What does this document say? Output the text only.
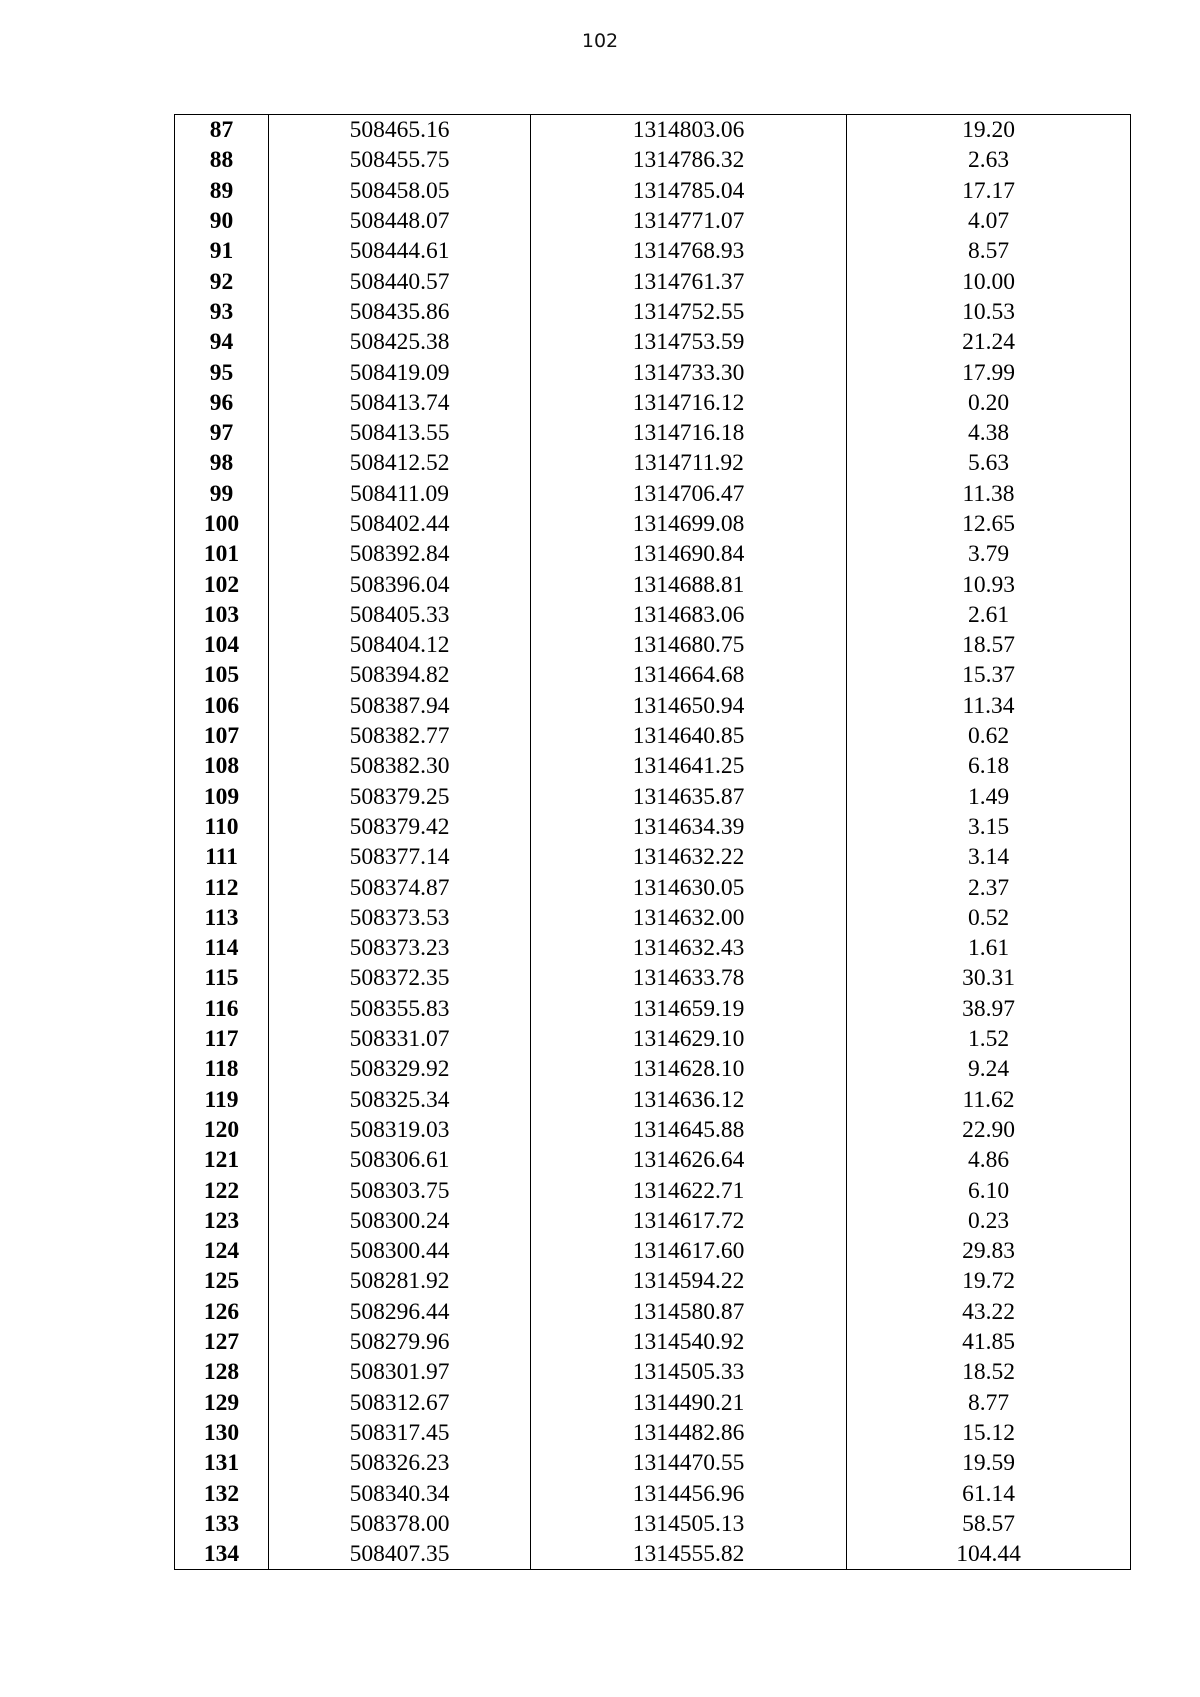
102
87	508465.16	1314803.06	19.20
88	508455.75	1314786.32	2.63
89	508458.05	1314785.04	17.17
90	508448.07	1314771.07	4.07
91	508444.61	1314768.93	8.57
92	508440.57	1314761.37	10.00
93	508435.86	1314752.55	10.53
94	508425.38	1314753.59	21.24
95	508419.09	1314733.30	17.99
96	508413.74	1314716.12	0.20
97	508413.55	1314716.18	4.38
98	508412.52	1314711.92	5.63
99	508411.09	1314706.47	11.38
100	508402.44	1314699.08	12.65
101	508392.84	1314690.84	3.79
102	508396.04	1314688.81	10.93
103	508405.33	1314683.06	2.61
104	508404.12	1314680.75	18.57
105	508394.82	1314664.68	15.37
106	508387.94	1314650.94	11.34
107	508382.77	1314640.85	0.62
108	508382.30	1314641.25	6.18
109	508379.25	1314635.87	1.49
110	508379.42	1314634.39	3.15
111	508377.14	1314632.22	3.14
112	508374.87	1314630.05	2.37
113	508373.53	1314632.00	0.52
114	508373.23	1314632.43	1.61
115	508372.35	1314633.78	30.31
116	508355.83	1314659.19	38.97
117	508331.07	1314629.10	1.52
118	508329.92	1314628.10	9.24
119	508325.34	1314636.12	11.62
120	508319.03	1314645.88	22.90
121	508306.61	1314626.64	4.86
122	508303.75	1314622.71	6.10
123	508300.24	1314617.72	0.23
124	508300.44	1314617.60	29.83
125	508281.92	1314594.22	19.72
126	508296.44	1314580.87	43.22
127	508279.96	1314540.92	41.85
128	508301.97	1314505.33	18.52
129	508312.67	1314490.21	8.77
130	508317.45	1314482.86	15.12
131	508326.23	1314470.55	19.59
132	508340.34	1314456.96	61.14
133	508378.00	1314505.13	58.57
134	508407.35	1314555.82	104.44
